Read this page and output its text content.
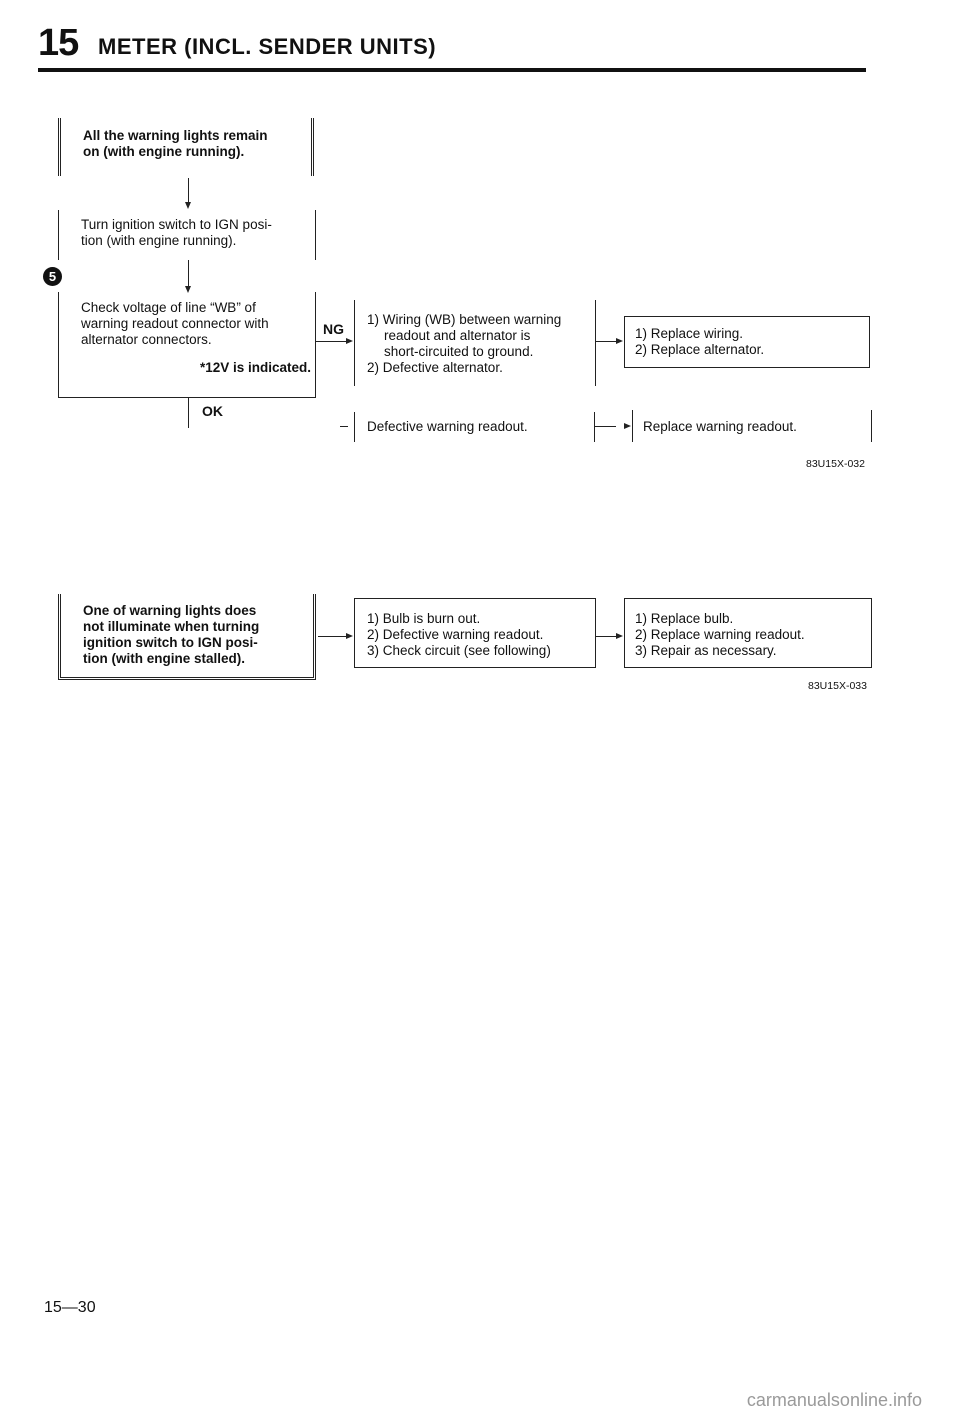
15 METER (INCL. SENDER UNITS)
All the warning lights remain
on (with engine running).
Turn ignition switch to IGN posi-
tion (with engine running).
5
Check voltage of line “WB” of
warning readout connector with
alternator connectors.
*12V is indicated.
NG
1) Wiring (WB) between warning
readout and alternator is
short-circuited to ground.
2) Defective alternator.
1) Replace wiring.
2) Replace alternator.
OK
Defective warning readout.	Replace warning readout.
83U15X-032
One of warning lights does
not illuminate when turning
ignition switch to IGN posi-
tion (with engine stalled).
1) Bulb is burn out.
2) Defective warning readout.
3) Check circuit (see following)
1) Replace bulb.
2) Replace warning readout.
3) Repair as necessary.
83U15X-033
15—30
carmanualsonline.info
